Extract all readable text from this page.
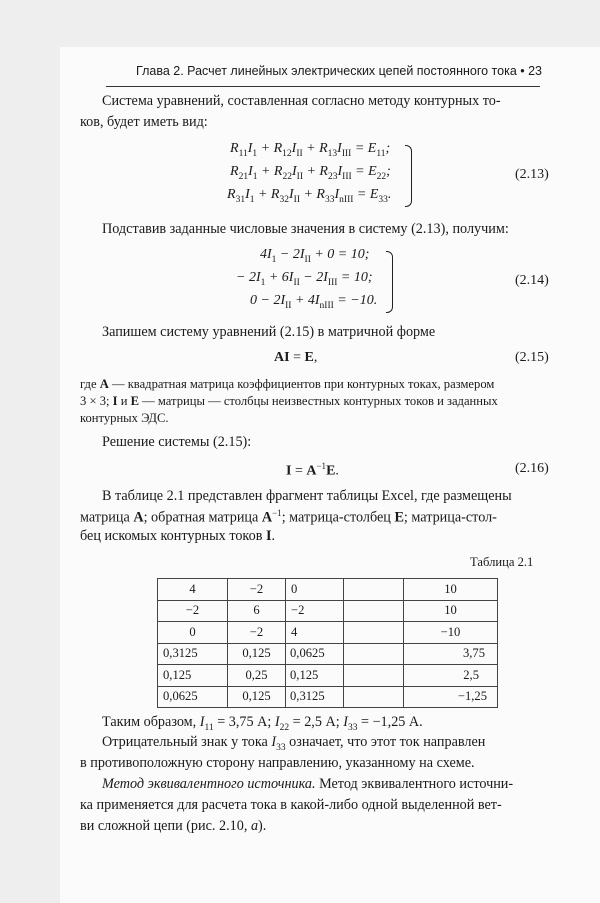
Глава 2. Расчет линейных электрических цепей постоянного тока • 23
Система уравнений, составленная согласно методу контурных то-
ков, будет иметь вид:
$R_{11}I_1 + R_{12}I_{II} + R_{13}I_{III} = E_{11}$;
$R_{21}I_1 + R_{22}I_{II} + R_{23}I_{III} = E_{22}$;
$R_{31}I_1 + R_{32}I_{II} + R_{33}I_{nIII} = E_{33}$.
(2.13)
Подставив заданные числовые значения в систему (2.13), получим:
$4I_1 - 2I_{II} + 0 = 10$;
− $2I_1 + 6I_{II} - 2I_{III} = 10$;
$0 - 2I_{II} + 4I_{nIII} = -10$.
(2.14)
Запишем систему уравнений (2.15) в матричной форме
AI = E,	(2.15)
где A — квадратная матрица коэффициентов при контурных токах, размером
3 × 3; I и E — матрицы — столбцы неизвестных контурных токов и заданных
контурных ЭДС.
Решение системы (2.15):
$I = A^{-1}E$.	(2.16)
В таблице 2.1 представлен фрагмент таблицы Excel, где размещены
матрица A; обратная матрица $A^{-1}$; матрица-столбец E; матрица-стол-
бец искомых контурных токов I.
Таблица 2.1
4	−2	0		10
−2	6	−2		10
0	−2	4		−10
0,3125	0,125	0,0625		3,75
0,125	0,25	0,125		2,5
0,0625	0,125	0,3125		−1,25
Таким образом, $I_{11} = 3,75$ А; $I_{22} = 2,5$ А; $I_{33} = -1,25$ А.
Отрицательный знак у тока $I_{33}$ означает, что этот ток направлен
в противоположную сторону направлению, указанному на схеме.
Метод эквивалентного источника. Метод эквивалентного источни-
ка применяется для расчета тока в какой-либо одной выделенной вет-
ви сложной цепи (рис. 2.10, а).
